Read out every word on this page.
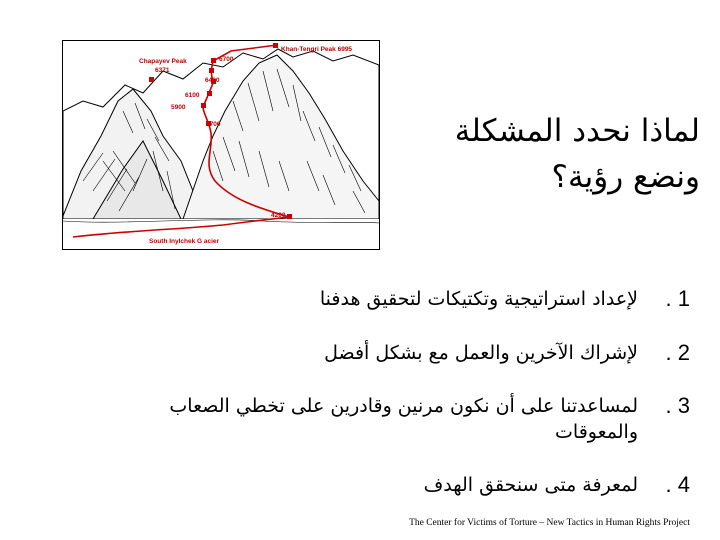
Khan-Tengri Peak 6995
Chapayev Peak
6371
6700
6400
6100
5900
5700
4200
South Inylchek G acier
لماذا نحدد المشكلة
ونضع رؤية؟
. 1
لإعداد استراتيجية وتكتيكات لتحقيق هدفنا
. 2
لإشراك الآخرين والعمل مع بشكل أفضل
. 3
لمساعدتنا على أن نكون مرنين وقادرين على تخطي الصعاب والمعوقات
. 4
لمعرفة متى سنحقق الهدف
The Center for Victims of Torture – New Tactics in Human Rights Project
